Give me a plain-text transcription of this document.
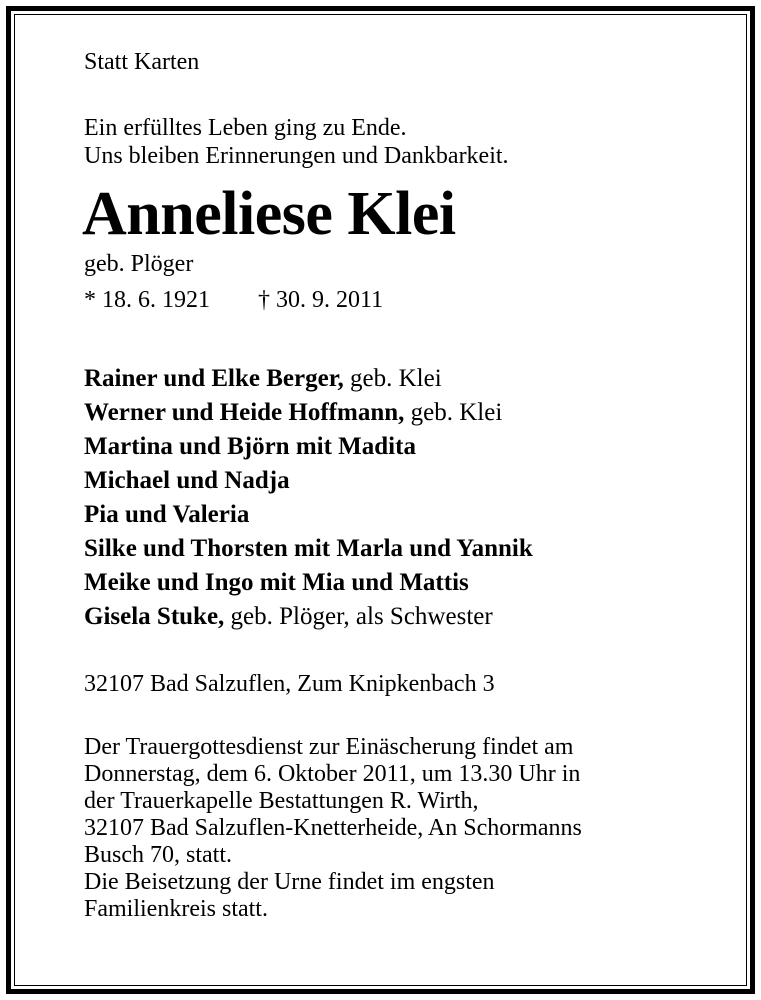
Statt Karten
Ein erfülltes Leben ging zu Ende.
Uns bleiben Erinnerungen und Dankbarkeit.
Anneliese Klei
geb. Plöger
* 18. 6. 1921	† 30. 9. 2011
Rainer und Elke Berger, geb. Klei
Werner und Heide Hoffmann, geb. Klei
Martina und Björn mit Madita
Michael und Nadja
Pia und Valeria
Silke und Thorsten mit Marla und Yannik
Meike und Ingo mit Mia und Mattis
Gisela Stuke, geb. Plöger, als Schwester
32107 Bad Salzuflen, Zum Knipkenbach 3
Der Trauergottesdienst zur Einäscherung findet am
Donnerstag, dem 6. Oktober 2011, um 13.30 Uhr in
der Trauerkapelle Bestattungen R. Wirth,
32107 Bad Salzuflen-Knetterheide, An Schormanns
Busch 70, statt.
Die Beisetzung der Urne findet im engsten
Familienkreis statt.
